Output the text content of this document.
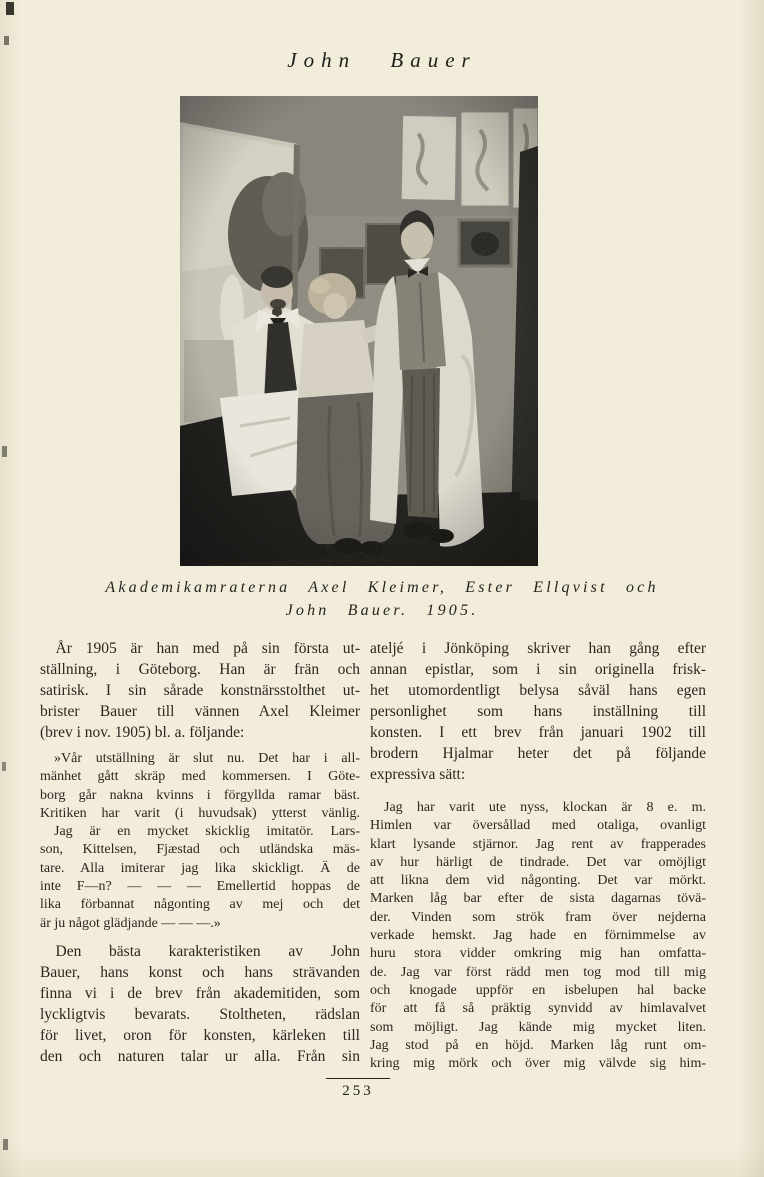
John Bauer
Akademikamraterna Axel Kleimer, Ester Ellqvist och
John Bauer. 1905.
 År 1905 är han med på sin första ut-
ställning, i Göteborg. Han är frän och
satirisk. I sin sårade konstnärsstolthet ut-
brister Bauer till vännen Axel Kleimer
(brev i nov. 1905) bl. a. följande:
 »Vår utställning är slut nu. Det har i all-
mänhet gått skräp med kommersen. I Göte-
borg går nakna kvinns i förgyllda ramar bäst.
Kritiken har varit (i huvudsak) ytterst vänlig.
 Jag är en mycket skicklig imitatör. Lars-
son, Kittelsen, Fjæstad och utländska mäs-
tare. Alla imiterar jag lika skickligt. Ä de
inte F—n? — — — Emellertid hoppas de
lika förbannat någonting av mej och det
är ju något glädjande — — —.»
 Den bästa karakteristiken av John
Bauer, hans konst och hans strävanden
finna vi i de brev från akademitiden, som
lyckligtvis bevarats. Stoltheten, rädslan
för livet, oron för konsten, kärleken till
den och naturen talar ur alla. Från sin
ateljé i Jönköping skriver han gång efter
annan epistlar, som i sin originella frisk-
het utomordentligt belysa såväl hans egen
personlighet som hans inställning till
konsten. I ett brev från januari 1902 till
brodern Hjalmar heter det på följande
expressiva sätt:
 Jag har varit ute nyss, klockan är 8 e. m.
Himlen var översållad med otaliga, ovanligt
klart lysande stjärnor. Jag rent av frapperades
av hur härligt de tindrade. Det var omöjligt
att likna dem vid någonting. Det var mörkt.
Marken låg bar efter de sista dagarnas tövä-
der. Vinden som strök fram över nejderna
verkade hemskt. Jag hade en förnimmelse av
huru stora vidder omkring mig han omfatta-
de. Jag var först rädd men tog mod till mig
och knogade uppför en isbelupen hal backe
för att få så präktig synvidd av himlavalvet
som möjligt. Jag kände mig mycket liten.
Jag stod på en höjd. Marken låg runt om-
kring mig mörk och över mig välvde sig him-
253
